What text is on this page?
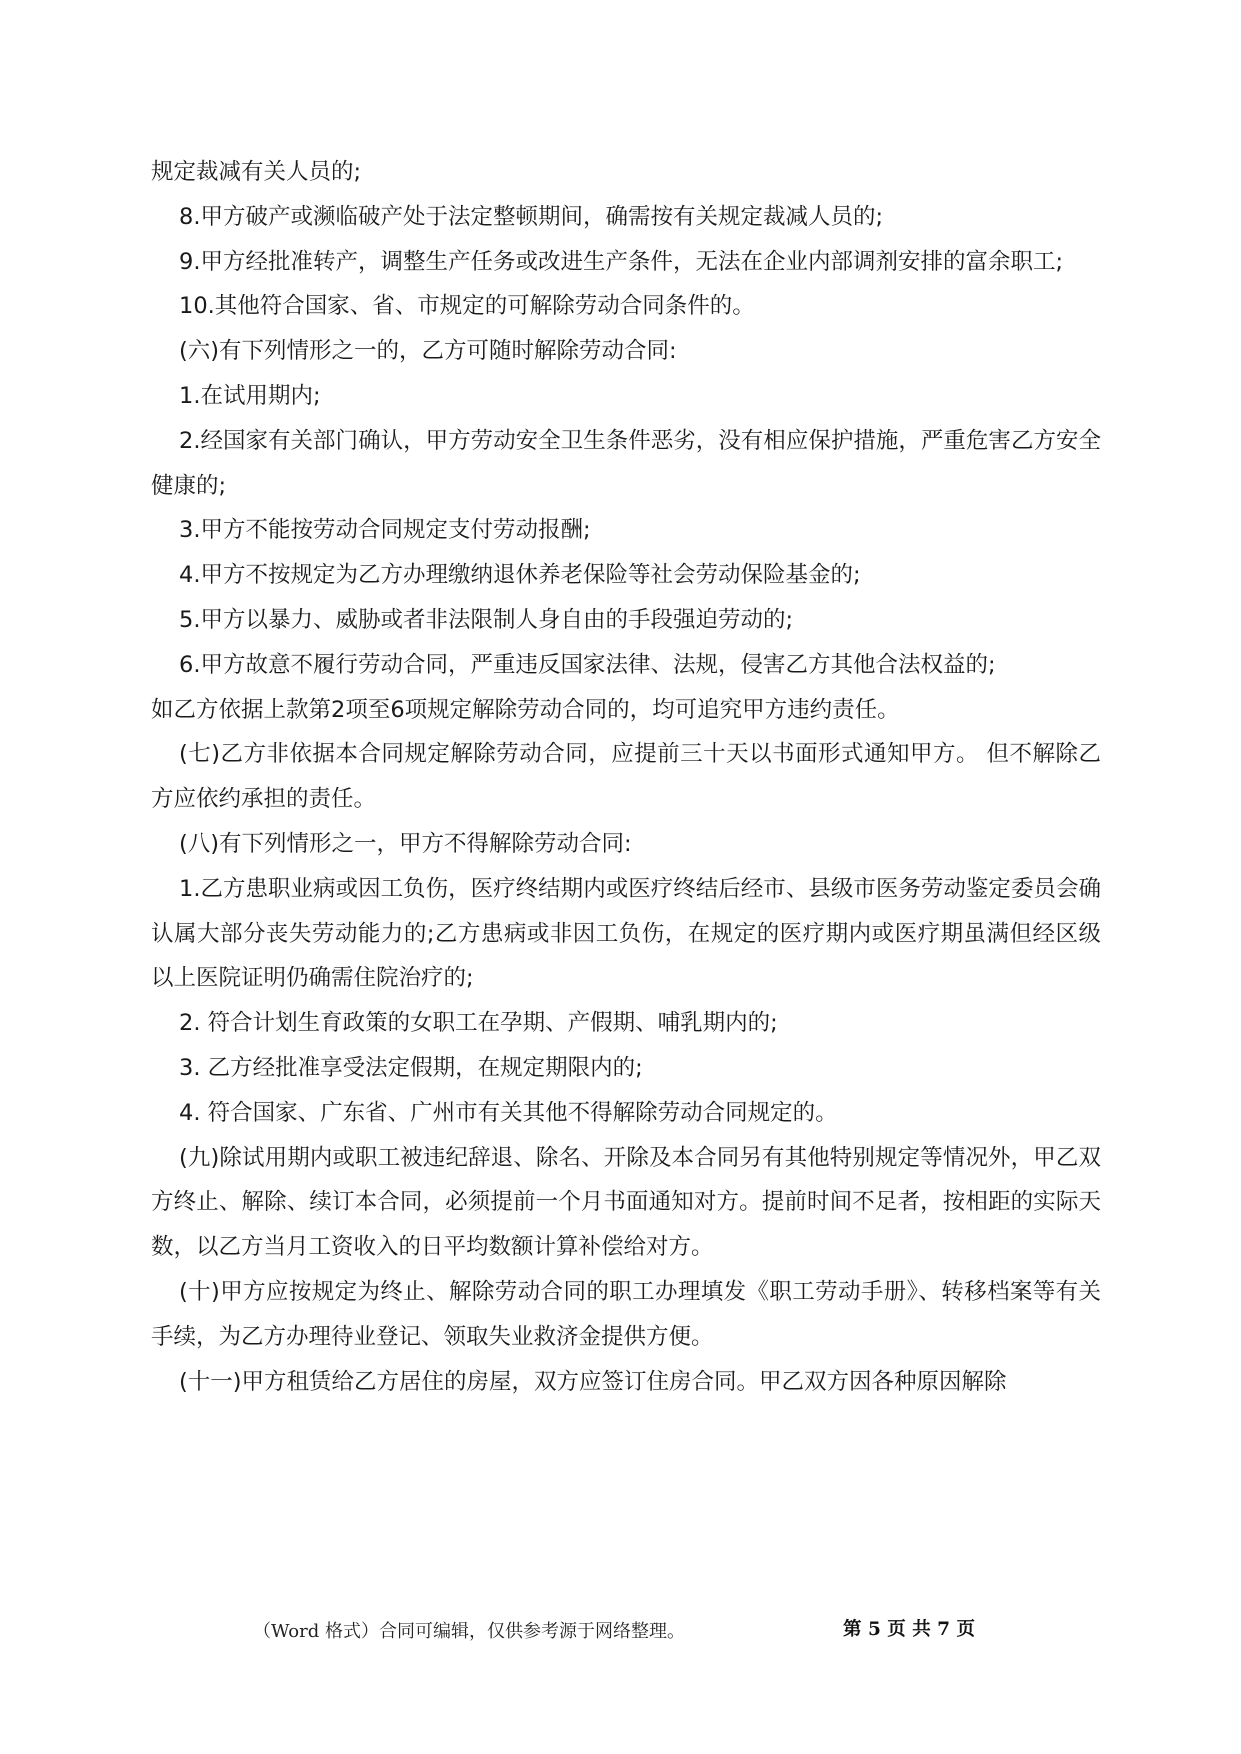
规定裁减有关人员的;

8.甲方破产或濒临破产处于法定整顿期间，确需按有关规定裁减人员的;

9.甲方经批准转产，调整生产任务或改进生产条件，无法在企业内部调剂安排的富余职工;

10.其他符合国家、省、市规定的可解除劳动合同条件的。

(六)有下列情形之一的，乙方可随时解除劳动合同:

1.在试用期内;

2.经国家有关部门确认，甲方劳动安全卫生条件恶劣，没有相应保护措施，严重危害乙方安全健康的;

3.甲方不能按劳动合同规定支付劳动报酬;

4.甲方不按规定为乙方办理缴纳退休养老保险等社会劳动保险基金的;

5.甲方以暴力、威胁或者非法限制人身自由的手段强迫劳动的;

6.甲方故意不履行劳动合同，严重违反国家法律、法规，侵害乙方其他合法权益的;

如乙方依据上款第2项至6项规定解除劳动合同的，均可追究甲方违约责任。

(七)乙方非依据本合同规定解除劳动合同，应提前三十天以书面形式通知甲方。 但不解除乙方应依约承担的责任。

(八)有下列情形之一，甲方不得解除劳动合同:

1.乙方患职业病或因工负伤，医疗终结期内或医疗终结后经市、县级市医务劳动鉴定委员会确认属大部分丧失劳动能力的;乙方患病或非因工负伤，在规定的医疗期内或医疗期虽满但经区级以上医院证明仍确需住院治疗的;

2. 符合计划生育政策的女职工在孕期、产假期、哺乳期内的;

3. 乙方经批准享受法定假期，在规定期限内的;

4. 符合国家、广东省、广州市有关其他不得解除劳动合同规定的。

(九)除试用期内或职工被违纪辞退、除名、开除及本合同另有其他特别规定等情况外，甲乙双方终止、解除、续订本合同，必须提前一个月书面通知对方。提前时间不足者，按相距的实际天数，以乙方当月工资收入的日平均数额计算补偿给对方。

(十)甲方应按规定为终止、解除劳动合同的职工办理填发《职工劳动手册》、转移档案等有关手续，为乙方办理待业登记、领取失业救济金提供方便。

(十一)甲方租赁给乙方居住的房屋，双方应签订住房合同。甲乙双方因各种原因解除

（Word 格式）合同可编辑，仅供参考源于网络整理。	第 5 页 共 7 页
